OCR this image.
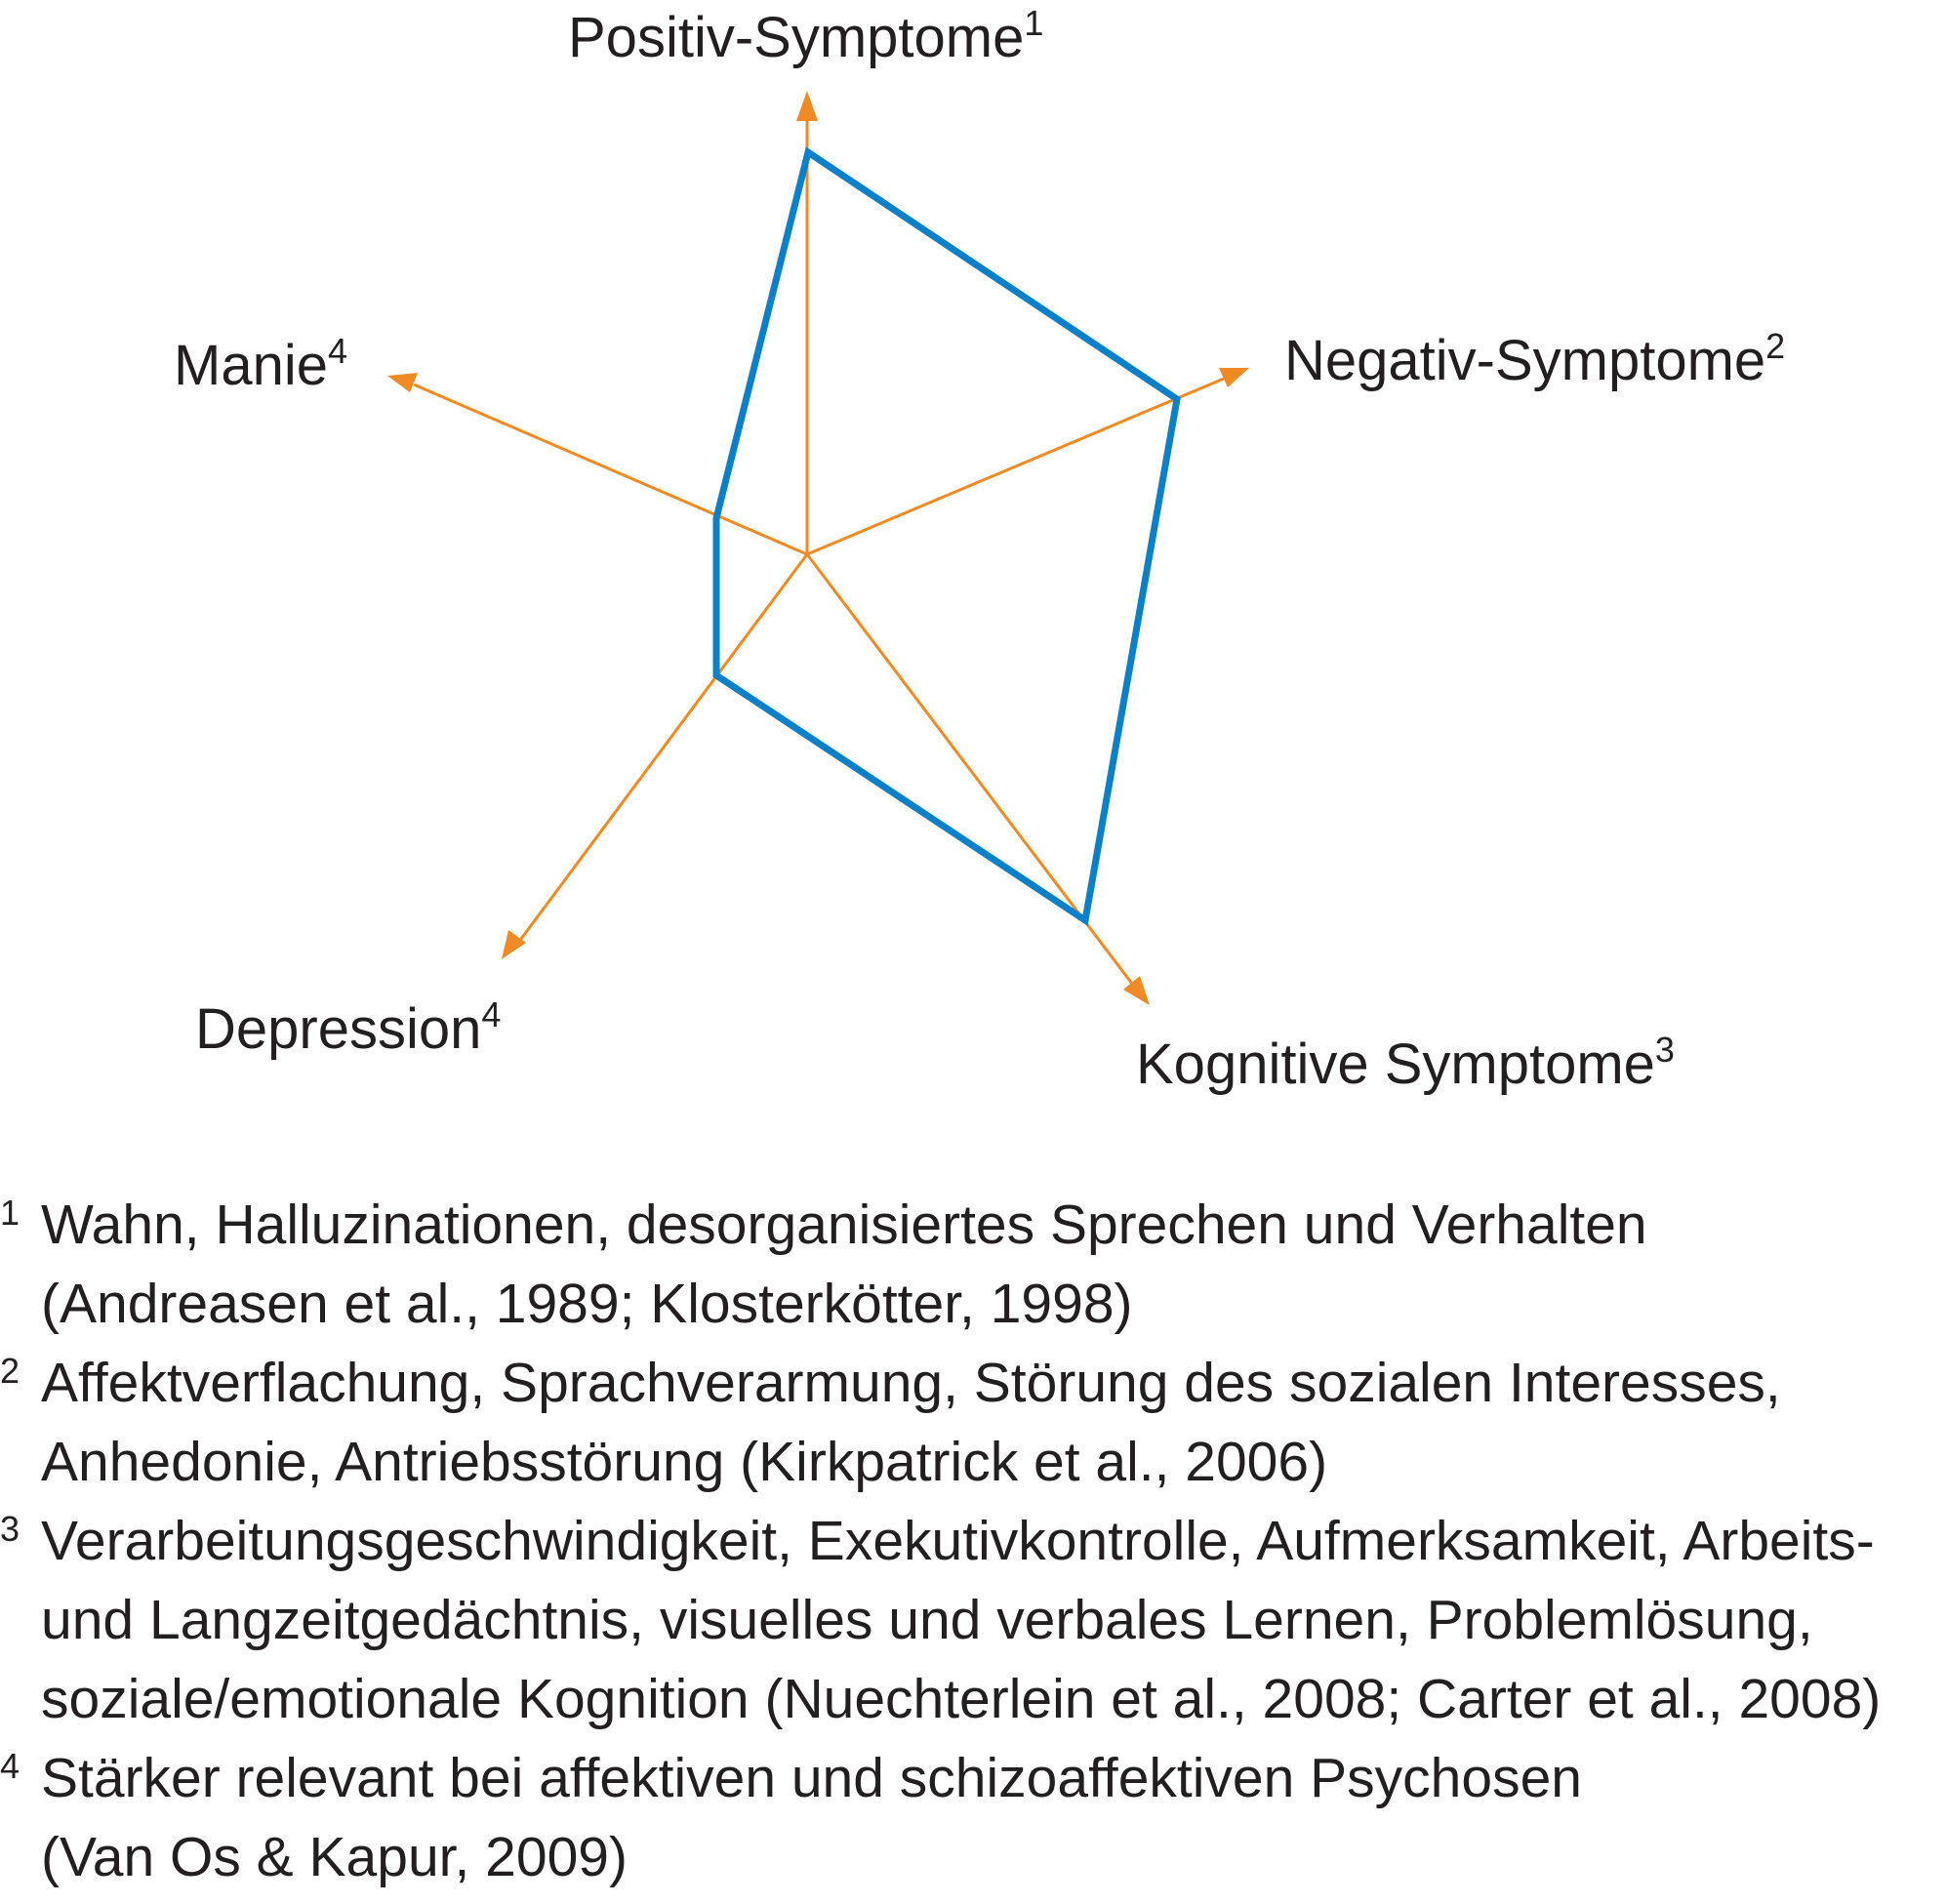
Positiv-Symptome$^1$
Negativ-Symptome$^2$
Kognitive Symptome$^3$
Depression$^4$
Manie$^4$
1 Wahn, Halluzinationen, desorganisiertes Sprechen und Verhalten
(Andreasen et al., 1989; Klosterkötter, 1998)
2 Affektverflachung, Sprachverarmung, Störung des sozialen Interesses,
Anhedonie, Antriebsstörung (Kirkpatrick et al., 2006)
3 Verarbeitungsgeschwindigkeit, Exekutivkontrolle, Aufmerksamkeit, Arbeits-
und Langzeitgedächtnis, visuelles und verbales Lernen, Problemlösung,
soziale/emotionale Kognition (Nuechterlein et al., 2008; Carter et al., 2008)
4 Stärker relevant bei affektiven und schizoaffektiven Psychosen
(Van Os & Kapur, 2009)
